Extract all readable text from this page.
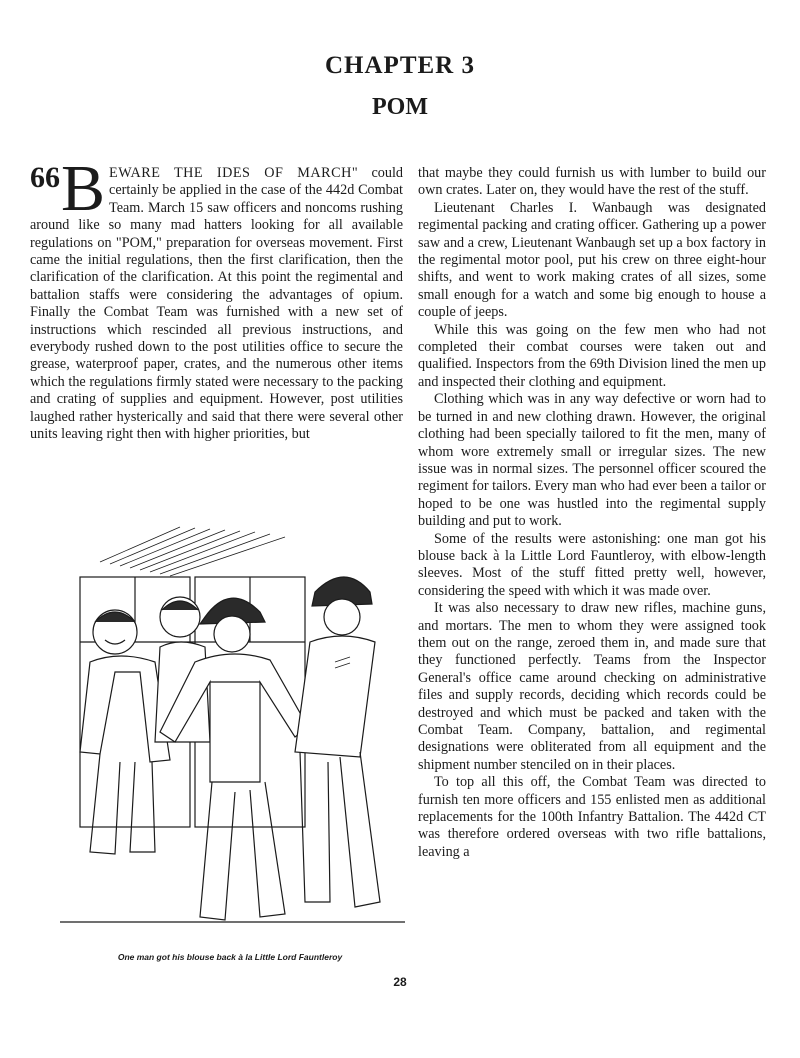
CHAPTER 3
POM

66 B EWARE THE IDES OF MARCH" could certainly be applied in the case of the 442d Combat Team. March 15 saw officers and noncoms rushing around like so many mad hatters looking for all available regulations on "POM," preparation for overseas movement. First came the initial regulations, then the first clarification, then the clarification of the clarification. At this point the regimental and battalion staffs were considering the advantages of opium. Finally the Combat Team was furnished with a new set of instructions which rescinded all previous instructions, and everybody rushed down to the post utilities office to secure the grease, waterproof paper, crates, and the numerous other items which the regulations firmly stated were necessary to the packing and crating of supplies and equipment. However, post utilities laughed rather hysterically and said that there were several other units leaving right then with higher priorities, but

One man got his blouse back à la Little Lord Fauntleroy

that maybe they could furnish us with lumber to build our own crates. Later on, they would have the rest of the stuff.

Lieutenant Charles I. Wanbaugh was designated regimental packing and crating officer. Gathering up a power saw and a crew, Lieutenant Wanbaugh set up a box factory in the regimental motor pool, put his crew on three eight-hour shifts, and went to work making crates of all sizes, some small enough for a watch and some big enough to house a couple of jeeps.

While this was going on the few men who had not completed their combat courses were taken out and qualified. Inspectors from the 69th Division lined the men up and inspected their clothing and equipment.

Clothing which was in any way defective or worn had to be turned in and new clothing drawn. However, the original clothing had been specially tailored to fit the men, many of whom wore extremely small or irregular sizes. The new issue was in normal sizes. The personnel officer scoured the regiment for tailors. Every man who had ever been a tailor or hoped to be one was hustled into the regimental supply building and put to work.

Some of the results were astonishing: one man got his blouse back à la Little Lord Fauntleroy, with elbow-length sleeves. Most of the stuff fitted pretty well, however, considering the speed with which it was made over.

It was also necessary to draw new rifles, machine guns, and mortars. The men to whom they were assigned took them out on the range, zeroed them in, and made sure that they functioned perfectly. Teams from the Inspector General's office came around checking on administrative files and supply records, deciding which records could be destroyed and which must be packed and taken with the Combat Team. Company, battalion, and regimental designations were obliterated from all equipment and the shipment number stenciled on in their places.

To top all this off, the Combat Team was directed to furnish ten more officers and 155 enlisted men as additional replacements for the 100th Infantry Battalion. The 442d CT was therefore ordered overseas with two rifle battalions, leaving a

28
